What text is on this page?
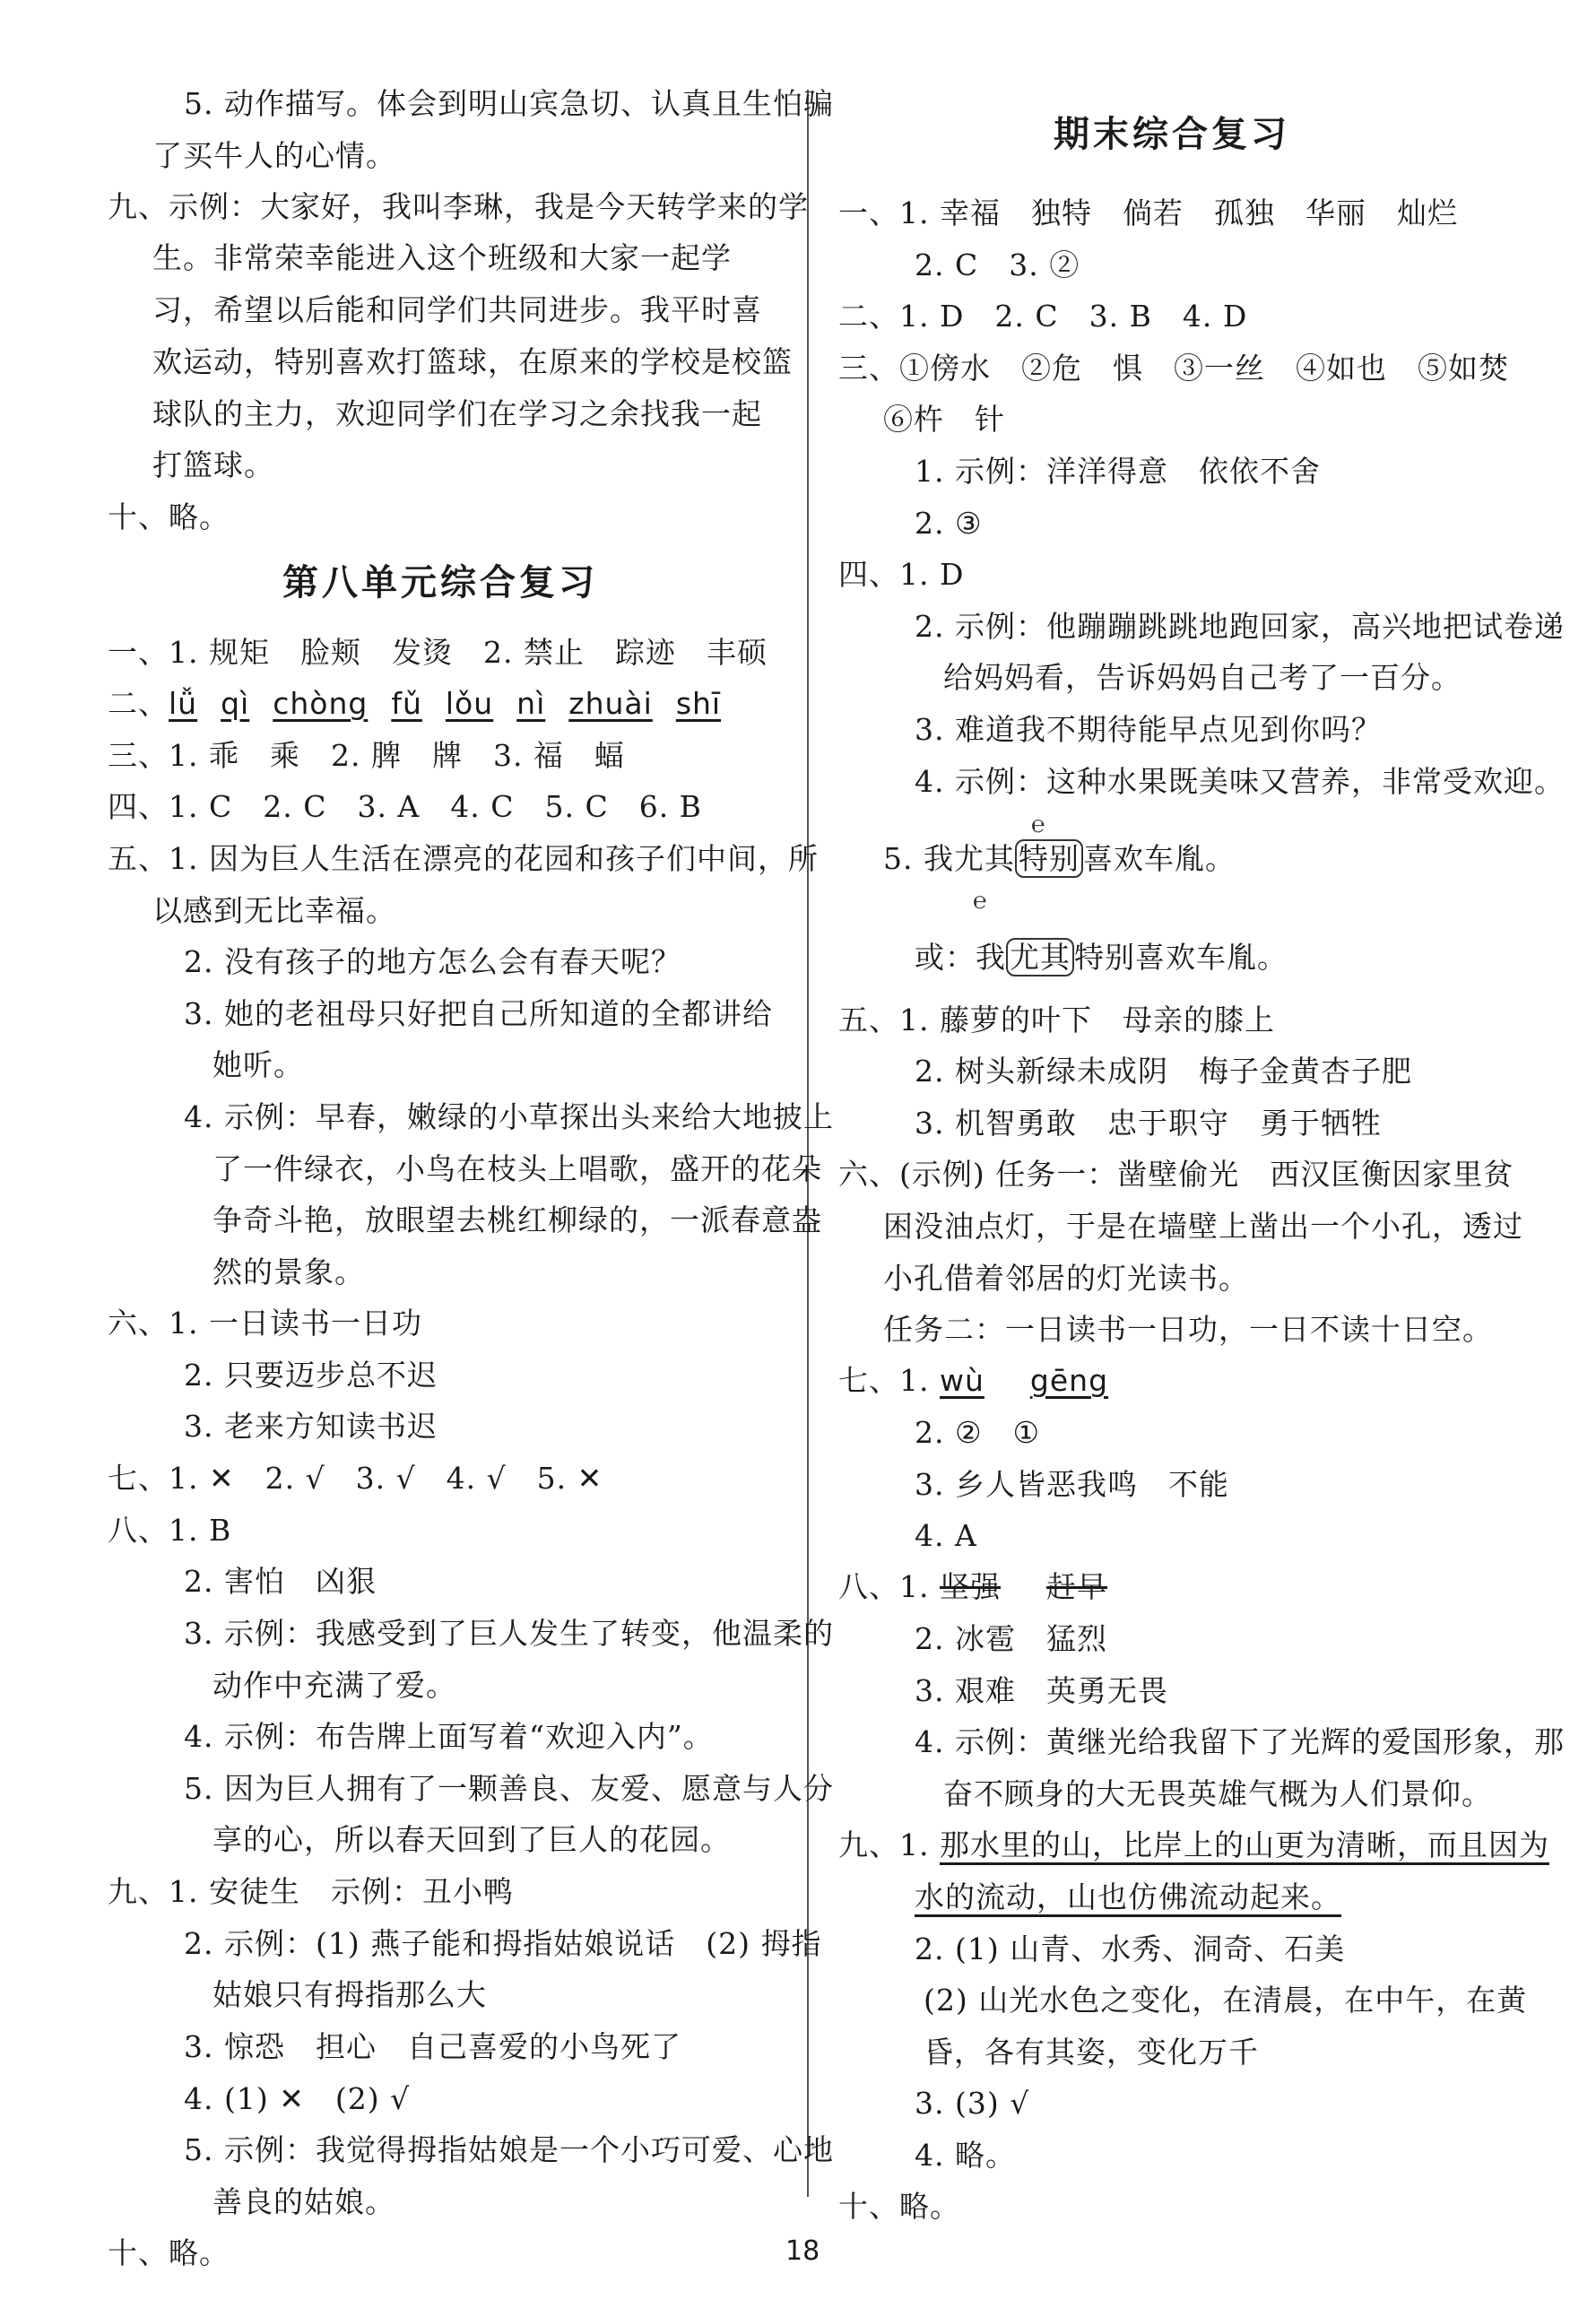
5. 动作描写。体会到明山宾急切、认真且生怕骗
了买牛人的心情。
九、示例：大家好，我叫李琳，我是今天转学来的学
生。非常荣幸能进入这个班级和大家一起学
习，希望以后能和同学们共同进步。我平时喜
欢运动，特别喜欢打篮球，在原来的学校是校篮
球队的主力，欢迎同学们在学习之余找我一起
打篮球。
十、略。
第八单元综合复习
一、1. 规矩　脸颊　发烫　2. 禁止　踪迹　丰硕
二、lǚ qì chòng fǔ lǒu nì zhuài shī
三、1. 乖　乘　2. 脾　牌　3. 福　蝠
四、1. C　2. C　3. A　4. C　5. C　6. B
五、1. 因为巨人生活在漂亮的花园和孩子们中间，所
以感到无比幸福。
2. 没有孩子的地方怎么会有春天呢？
3. 她的老祖母只好把自己所知道的全都讲给
她听。
4. 示例：早春，嫩绿的小草探出头来给大地披上
了一件绿衣，小鸟在枝头上唱歌，盛开的花朵
争奇斗艳，放眼望去桃红柳绿的，一派春意盎
然的景象。
六、1. 一日读书一日功
2. 只要迈步总不迟
3. 老来方知读书迟
七、1. ✕　2. √　3. √　4. √　5. ✕
八、1. B
2. 害怕　凶狠
3. 示例：我感受到了巨人发生了转变，他温柔的
动作中充满了爱。
4. 示例：布告牌上面写着“欢迎入内”。
5. 因为巨人拥有了一颗善良、友爱、愿意与人分
享的心，所以春天回到了巨人的花园。
九、1. 安徒生　示例：丑小鸭
2. 示例：(1) 燕子能和拇指姑娘说话　(2) 拇指
姑娘只有拇指那么大
3. 惊恐　担心　自己喜爱的小鸟死了
4. (1) ✕　(2) √
5. 示例：我觉得拇指姑娘是一个小巧可爱、心地
善良的姑娘。
十、略。
期末综合复习
一、1. 幸福　独特　倘若　孤独　华丽　灿烂
2. C　3. ②
二、1. D　2. C　3. B　4. D
三、①傍水　②危　惧　③一丝　④如也　⑤如焚
⑥杵　针
1. 示例：洋洋得意　依依不舍
2. ③
四、1. D
2. 示例：他蹦蹦跳跳地跑回家，高兴地把试卷递
给妈妈看，告诉妈妈自己考了一百分。
3. 难道我不期待能早点见到你吗？
4. 示例：这种水果既美味又营养，非常受欢迎。
5. 我尤其 特别 喜欢车胤。
℮
或：我 尤其 特别喜欢车胤。
℮
五、1. 藤萝的叶下　母亲的膝上
2. 树头新绿未成阴　梅子金黄杏子肥
3. 机智勇敢　忠于职守　勇于牺牲
六、(示例) 任务一：凿壁偷光　西汉匡衡因家里贫
困没油点灯，于是在墙壁上凿出一个小孔，透过
小孔借着邻居的灯光读书。
任务二：一日读书一日功，一日不读十日空。
七、1. wù gēng
2. ②　①
3. 乡人皆恶我鸣　不能
4. A
八、1. 坚强 赶早
2. 冰雹　猛烈
3. 艰难　英勇无畏
4. 示例：黄继光给我留下了光辉的爱国形象，那
奋不顾身的大无畏英雄气概为人们景仰。
九、1. 那水里的山，比岸上的山更为清晰，而且因为
水的流动，山也仿佛流动起来。
2. (1) 山青、水秀、洞奇、石美
(2) 山光水色之变化，在清晨，在中午，在黄
昏，各有其姿，变化万千
3. (3) √
4. 略。
十、略。
18
